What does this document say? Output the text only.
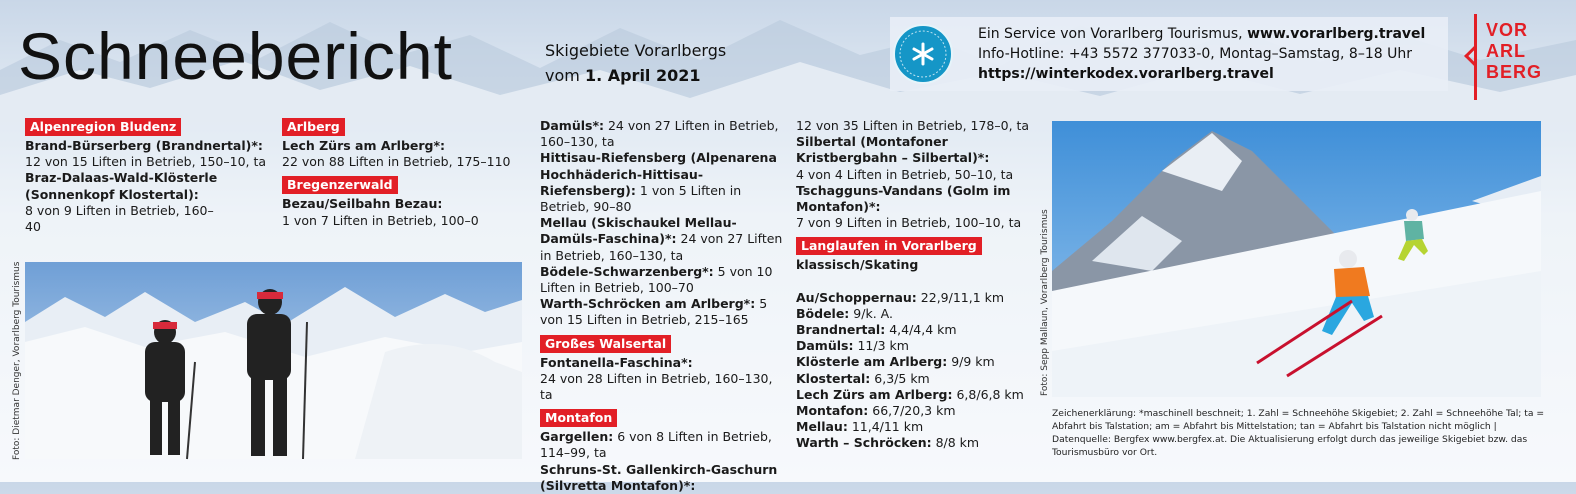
Schneebericht	Skigebiete Vorarlbergs
vom 1. April 2021
Ein Service von Vorarlberg Tourismus, www.vorarlberg.travel
Info-Hotline: +43 5572 377033-0, Montag–Samstag, 8–18 Uhr
https://winterkodex.vorarlberg.travel
VOR
ARL
BERG
Alpenregion Bludenz
Brand-Bürserberg (Brandnertal)*:
12 von 15 Liften in Betrieb, 150–10, ta
Braz-Dalaas-Wald-Klösterle (Sonnenkopf Klostertal):
8 von 9 Liften in Betrieb, 160–40
Arlberg
Lech Zürs am Arlberg*:
22 von 88 Liften in Betrieb, 175–110
Bregenzerwald
Bezau/Seilbahn Bezau:
1 von 7 Liften in Betrieb, 100–0
Foto: Dietmar Denger, Vorarlberg Tourismus
Damüls*: 24 von 27 Liften in Betrieb, 160–130, ta
Hittisau-Riefensberg (Alpenarena Hochhäderich-Hittisau-Riefensberg): 1 von 5 Liften in Betrieb, 90–80
Mellau (Skischaukel Mellau-Damüls-Faschina)*: 24 von 27 Liften in Betrieb, 160–130, ta
Bödele-Schwarzenberg*: 5 von 10 Liften in Betrieb, 100–70
Warth-Schröcken am Arlberg*: 5 von 15 Liften in Betrieb, 215–165
Großes Walsertal
Fontanella-Faschina*:
24 von 28 Liften in Betrieb, 160–130, ta
Montafon
Gargellen: 6 von 8 Liften in Betrieb, 114–99, ta
Schruns-St. Gallenkirch-Gaschurn (Silvretta Montafon)*:
12 von 35 Liften in Betrieb, 178–0, ta
Silbertal (Montafoner Kristbergbahn – Silbertal)*:
4 von 4 Liften in Betrieb, 50–10, ta
Tschagguns-Vandans (Golm im Montafon)*:
7 von 9 Liften in Betrieb, 100–10, ta
Langlaufen in Vorarlberg
klassisch/Skating
Au/Schoppernau: 22,9/11,1 km
Bödele: 9/k. A.
Brandnertal: 4,4/4,4 km
Damüls: 11/3 km
Klösterle am Arlberg: 9/9 km
Klostertal: 6,3/5 km
Lech Zürs am Arlberg: 6,8/6,8 km
Montafon: 66,7/20,3 km
Mellau: 11,4/11 km
Warth – Schröcken: 8/8 km
Foto: Sepp Mallaun, Vorarlberg Tourismus
Zeichenerklärung: *maschinell beschneit; 1. Zahl = Schneehöhe Skigebiet; 2. Zahl = Schneehöhe Tal; ta = Abfahrt bis Talstation; am = Abfahrt bis Mittelstation; tan = Abfahrt bis Talstation nicht möglich | Datenquelle: Bergfex www.bergfex.at. Die Aktualisierung erfolgt durch das jeweilige Skigebiet bzw. das Tourismusbüro vor Ort.
